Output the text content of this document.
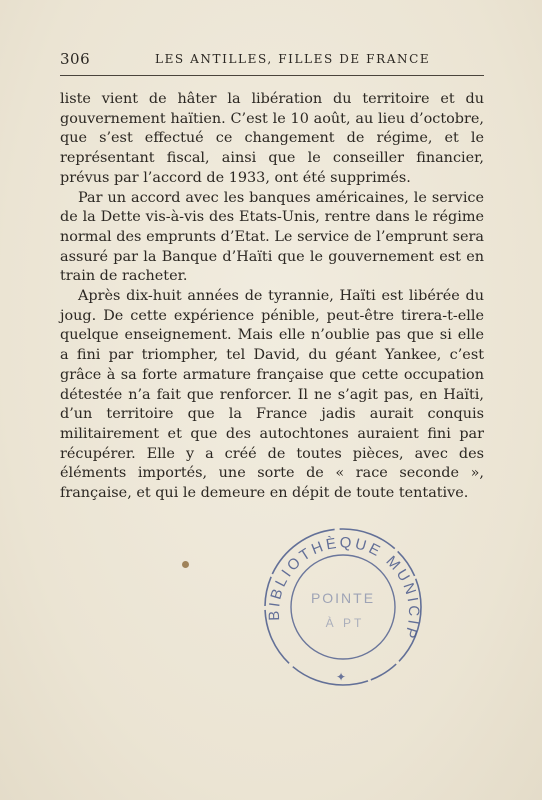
306	LES ANTILLES, FILLES DE FRANCE

liste vient de hâter la libération du territoire et du gouvernement haïtien. C’est le 10 août, au lieu d’octobre, que s’est effectué ce changement de régime, et le représentant fiscal, ainsi que le conseiller financier, prévus par l’accord de 1933, ont été supprimés.

Par un accord avec les banques américaines, le service de la Dette vis-à-vis des Etats-Unis, rentre dans le régime normal des emprunts d’Etat. Le service de l’emprunt sera assuré par la Banque d’Haïti que le gouvernement est en train de racheter.

Après dix-huit années de tyrannie, Haïti est libérée du joug. De cette expérience pénible, peut-être tirera-t-elle quelque enseignement. Mais elle n’oublie pas que si elle a fini par triompher, tel David, du géant Yankee, c’est grâce à sa forte armature française que cette occupation détestée n’a fait que renforcer. Il ne s’agit pas, en Haïti, d’un territoire que la France jadis aurait conquis militairement et que des autochtones auraient fini par récupérer. Elle y a créé de toutes pièces, avec des éléments importés, une sorte de « race seconde », française, et qui le demeure en dépit de toute tentative.

BIBLIOTHÈQUE MUNICIP
POINTE
À PT
✦
